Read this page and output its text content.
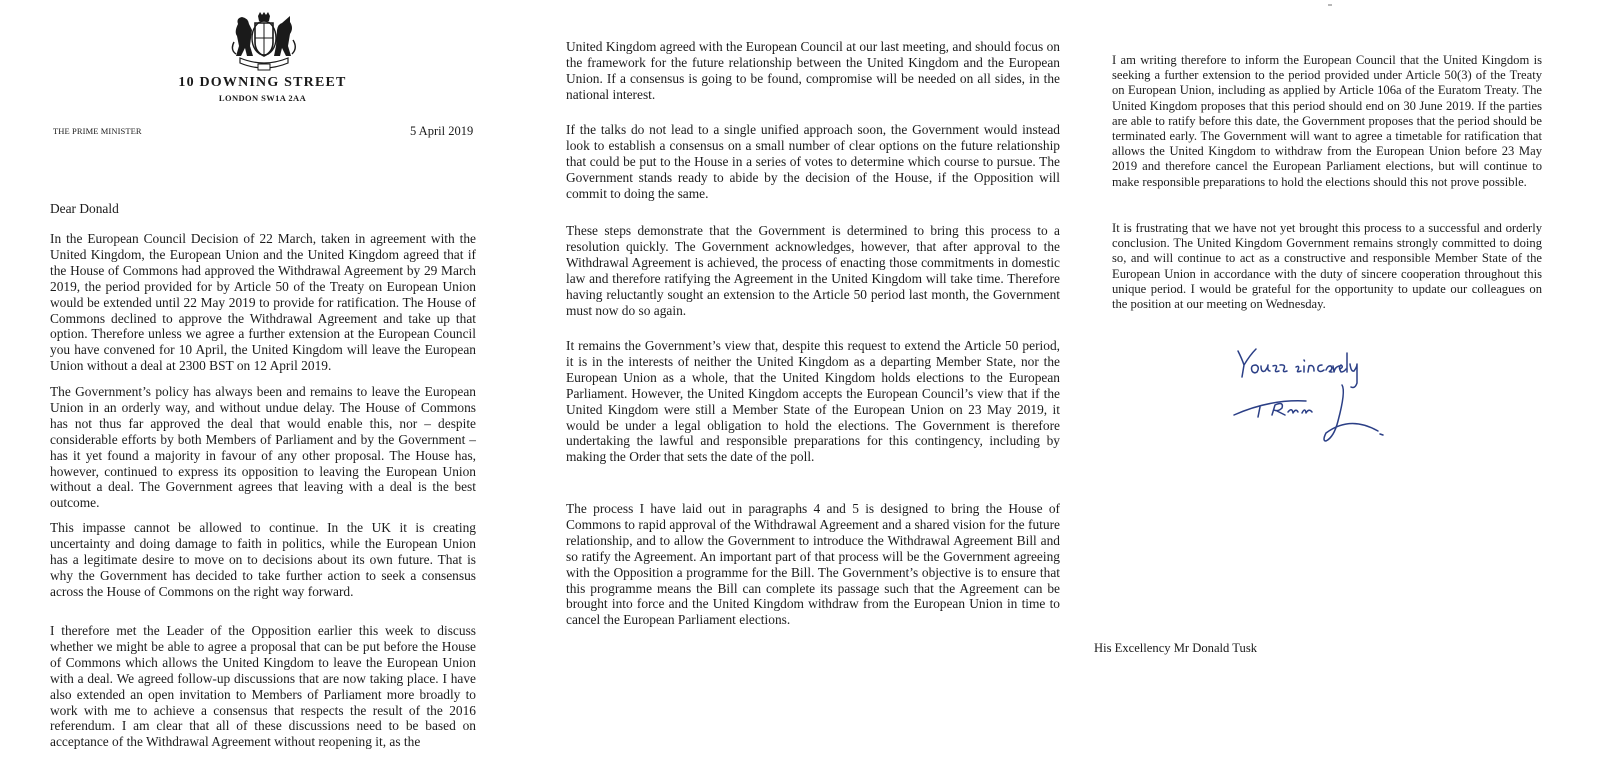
10 DOWNING STREET
LONDON SW1A 2AA
THE PRIME MINISTER	5 April 2019
Dear Donald

In the European Council Decision of 22 March, taken in agreement with the United Kingdom, the European Union and the United Kingdom agreed that if the House of Commons had approved the Withdrawal Agreement by 29 March 2019, the period provided for by Article 50 of the Treaty on European Union would be extended until 22 May 2019 to provide for ratification. The House of Commons declined to approve the Withdrawal Agreement and take up that option. Therefore unless we agree a further extension at the European Council you have convened for 10 April, the United Kingdom will leave the European Union without a deal at 2300 BST on 12 April 2019.

The Government’s policy has always been and remains to leave the European Union in an orderly way, and without undue delay. The House of Commons has not thus far approved the deal that would enable this, nor – despite considerable efforts by both Members of Parliament and by the Government – has it yet found a majority in favour of any other proposal. The House has, however, continued to express its opposition to leaving the European Union without a deal. The Government agrees that leaving with a deal is the best outcome.

This impasse cannot be allowed to continue. In the UK it is creating uncertainty and doing damage to faith in politics, while the European Union has a legitimate desire to move on to decisions about its own future. That is why the Government has decided to take further action to seek a consensus across the House of Commons on the right way forward.

I therefore met the Leader of the Opposition earlier this week to discuss whether we might be able to agree a proposal that can be put before the House of Commons which allows the United Kingdom to leave the European Union with a deal. We agreed follow-up discussions that are now taking place. I have also extended an open invitation to Members of Parliament more broadly to work with me to achieve a consensus that respects the result of the 2016 referendum. I am clear that all of these discussions need to be based on acceptance of the Withdrawal Agreement without reopening it, as the

United Kingdom agreed with the European Council at our last meeting, and should focus on the framework for the future relationship between the United Kingdom and the European Union. If a consensus is going to be found, compromise will be needed on all sides, in the national interest.

If the talks do not lead to a single unified approach soon, the Government would instead look to establish a consensus on a small number of clear options on the future relationship that could be put to the House in a series of votes to determine which course to pursue. The Government stands ready to abide by the decision of the House, if the Opposition will commit to doing the same.

These steps demonstrate that the Government is determined to bring this process to a resolution quickly. The Government acknowledges, however, that after approval to the Withdrawal Agreement is achieved, the process of enacting those commitments in domestic law and therefore ratifying the Agreement in the United Kingdom will take time. Therefore having reluctantly sought an extension to the Article 50 period last month, the Government must now do so again.

It remains the Government’s view that, despite this request to extend the Article 50 period, it is in the interests of neither the United Kingdom as a departing Member State, nor the European Union as a whole, that the United Kingdom holds elections to the European Parliament. However, the United Kingdom accepts the European Council’s view that if the United Kingdom were still a Member State of the European Union on 23 May 2019, it would be under a legal obligation to hold the elections. The Government is therefore undertaking the lawful and responsible preparations for this contingency, including by making the Order that sets the date of the poll.

The process I have laid out in paragraphs 4 and 5 is designed to bring the House of Commons to rapid approval of the Withdrawal Agreement and a shared vision for the future relationship, and to allow the Government to introduce the Withdrawal Agreement Bill and so ratify the Agreement. An important part of that process will be the Government agreeing with the Opposition a programme for the Bill. The Government’s objective is to ensure that this programme means the Bill can complete its passage such that the Agreement can be brought into force and the United Kingdom withdraw from the European Union in time to cancel the European Parliament elections.

I am writing therefore to inform the European Council that the United Kingdom is seeking a further extension to the period provided under Article 50(3) of the Treaty on European Union, including as applied by Article 106a of the Euratom Treaty. The United Kingdom proposes that this period should end on 30 June 2019. If the parties are able to ratify before this date, the Government proposes that the period should be terminated early. The Government will want to agree a timetable for ratification that allows the United Kingdom to withdraw from the European Union before 23 May 2019 and therefore cancel the European Parliament elections, but will continue to make responsible preparations to hold the elections should this not prove possible.

It is frustrating that we have not yet brought this process to a successful and orderly conclusion. The United Kingdom Government remains strongly committed to doing so, and will continue to act as a constructive and responsible Member State of the European Union in accordance with the duty of sincere cooperation throughout this unique period. I would be grateful for the opportunity to update our colleagues on the position at our meeting on Wednesday.

His Excellency Mr Donald Tusk
